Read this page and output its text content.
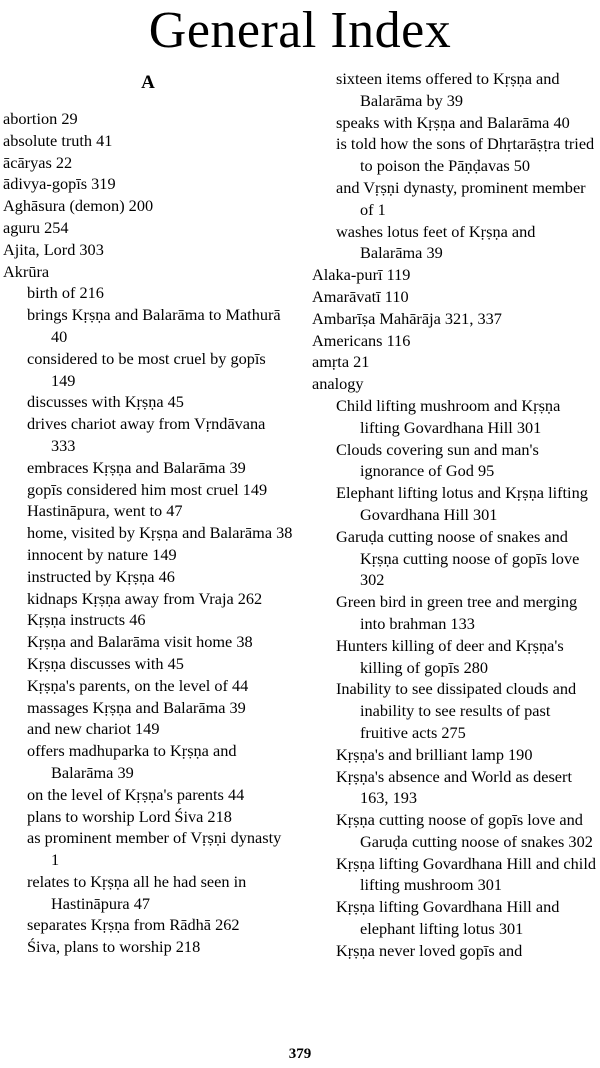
General Index
A
abortion 29
absolute truth 41
ācāryas 22
ādivya-gopīs 319
Aghāsura (demon) 200
aguru 254
Ajita, Lord 303
Akrūra
birth of 216
brings Kṛṣṇa and Balarāma to Mathurā 40
considered to be most cruel by gopīs 149
discusses with Kṛṣṇa 45
drives chariot away from Vṛndāvana 333
embraces Kṛṣṇa and Balarāma 39
gopīs considered him most cruel 149
Hastināpura, went to 47
home, visited by Kṛṣṇa and Balarāma 38
innocent by nature 149
instructed by Kṛṣṇa 46
kidnaps Kṛṣṇa away from Vraja 262
Kṛṣṇa instructs 46
Kṛṣṇa and Balarāma visit home 38
Kṛṣṇa discusses with 45
Kṛṣṇa's parents, on the level of 44
massages Kṛṣṇa and Balarāma 39
and new chariot 149
offers madhuparka to Kṛṣṇa and Balarāma 39
on the level of Kṛṣṇa's parents 44
plans to worship Lord Śiva 218
as prominent member of Vṛṣṇi dynasty 1
relates to Kṛṣṇa all he had seen in Hastināpura 47
separates Kṛṣṇa from Rādhā 262
Śiva, plans to worship 218
sixteen items offered to Kṛṣṇa and Balarāma by 39
speaks with Kṛṣṇa and Balarāma 40
is told how the sons of Dhṛtarāṣṭra tried to poison the Pāṇḍavas 50
and Vṛṣṇi dynasty, prominent member of 1
washes lotus feet of Kṛṣṇa and Balarāma 39
Alaka-purī 119
Amarāvatī 110
Ambarīṣa Mahārāja 321, 337
Americans 116
amṛta 21
analogy
Child lifting mushroom and Kṛṣṇa lifting Govardhana Hill 301
Clouds covering sun and man's ignorance of God 95
Elephant lifting lotus and Kṛṣṇa lifting Govardhana Hill 301
Garuḍa cutting noose of snakes and Kṛṣṇa cutting noose of gopīs love 302
Green bird in green tree and merging into brahman 133
Hunters killing of deer and Kṛṣṇa's killing of gopīs 280
Inability to see dissipated clouds and inability to see results of past fruitive acts 275
Kṛṣṇa's and brilliant lamp 190
Kṛṣṇa's absence and World as desert 163, 193
Kṛṣṇa cutting noose of gopīs love and Garuḍa cutting noose of snakes 302
Kṛṣṇa lifting Govardhana Hill and child lifting mushroom 301
Kṛṣṇa lifting Govardhana Hill and elephant lifting lotus 301
Kṛṣṇa never loved gopīs and
379
